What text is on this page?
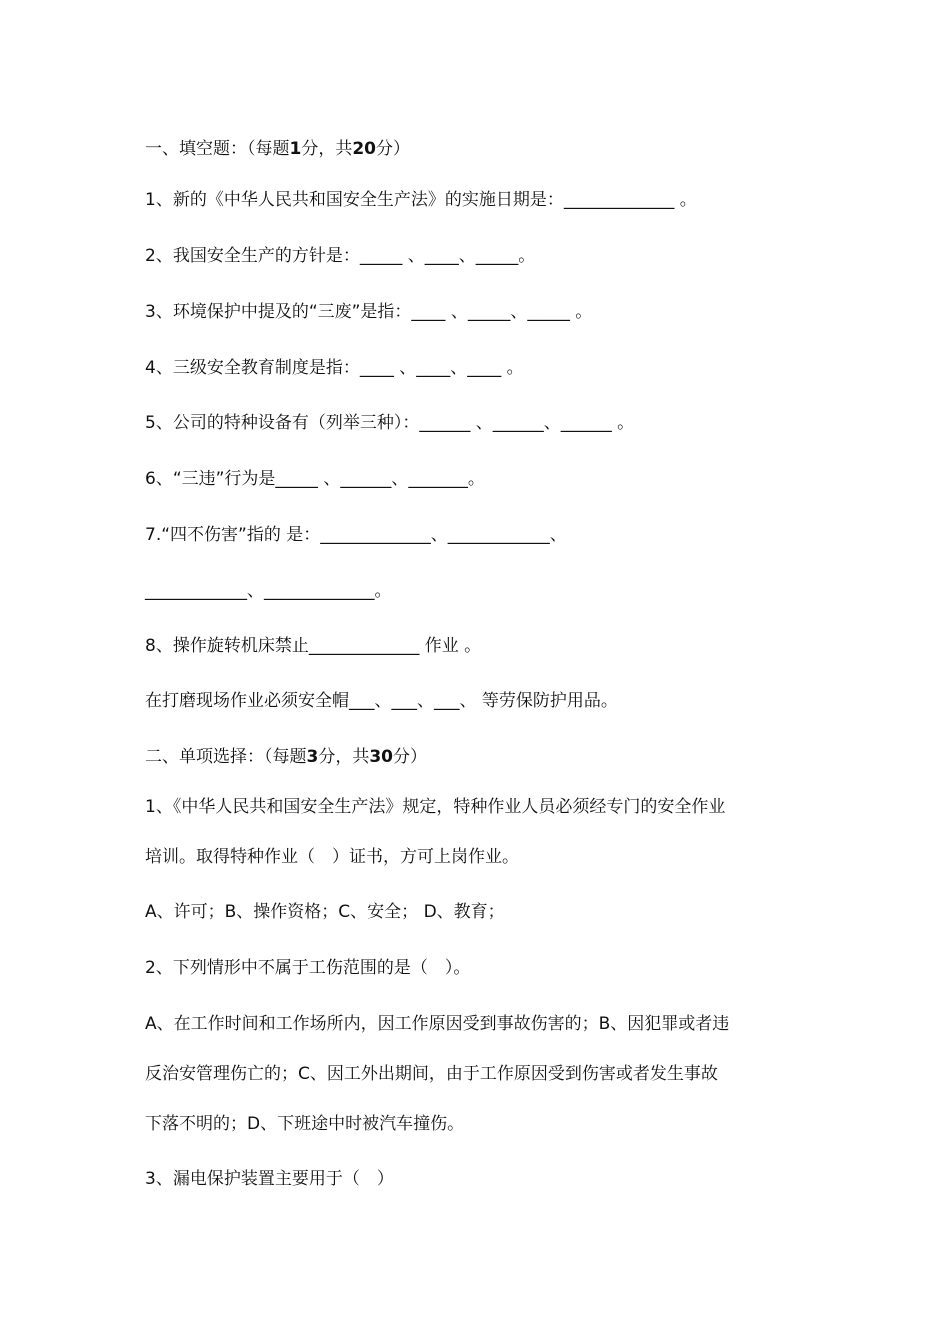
一、填空题：（每题1分，共20分）

1、新的《中华人民共和国安全生产法》的实施日期是：_____________ 。

2、我国安全生产的方针是：_____ 、____、_____。

3、环境保护中提及的“三废”是指：____ 、_____、_____ 。

4、三级安全教育制度是指：____ 、____、____ 。

5、公司的特种设备有（列举三种）：______ 、______、______ 。

6、“三违”行为是_____ 、______、_______。

7.“四不伤害”指的 是：_____________、____________、

____________、_____________。

8、操作旋转机床禁止_____________ 作业 。

在打磨现场作业必须安全帽___、___、___、 等劳保防护用品。

二、单项选择：（每题3分，共30分）

1、《中华人民共和国安全生产法》规定，特种作业人员必须经专门的安全作业

培训。取得特种作业（　）证书，方可上岗作业。

A、许可；B、操作资格；C、安全； D、教育；

2、下列情形中不属于工伤范围的是（　）。

A、在工作时间和工作场所内，因工作原因受到事故伤害的；B、因犯罪或者违

反治安管理伤亡的；C、因工外出期间，由于工作原因受到伤害或者发生事故

下落不明的；D、下班途中时被汽车撞伤。

3、漏电保护装置主要用于（　）
